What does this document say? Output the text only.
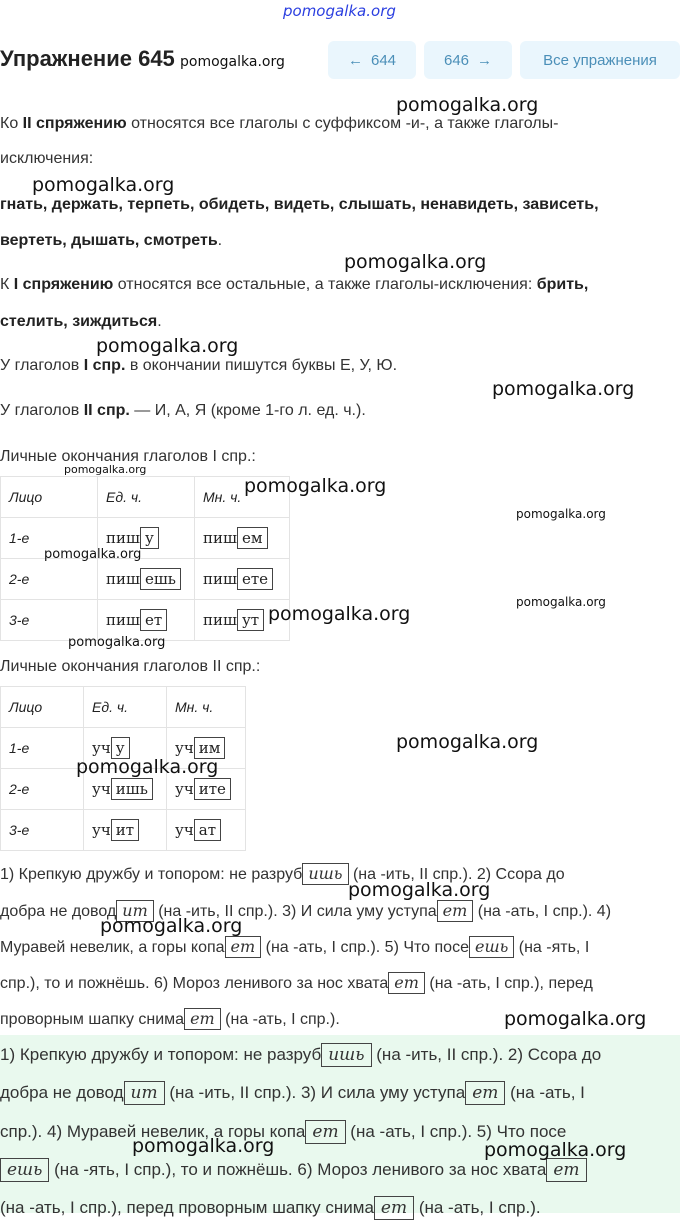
pomogalka.org
Упражнение 645 pomogalka.org	← 644	646 →	Все упражнения
Ко II спряжению относятся все глаголы с суффиксом -и-, а также глаголы-
исключения:
гнать, держать, терпеть, обидеть, видеть, слышать, ненавидеть, зависеть,
вертеть, дышать, смотреть.
К I спряжению относятся все остальные, а также глаголы-исключения: брить,
стелить, зиждиться.
У глаголов I спр. в окончании пишутся буквы Е, У, Ю.
У глаголов II спр. — И, А, Я (кроме 1-го л. ед. ч.).
Личные окончания глаголов I спр.:
Лицо	Ед. ч.	Мн. ч.
1-е	пиш у	пиш ем
2-е	пиш ешь	пиш ете
3-е	пиш ет	пиш ут
Личные окончания глаголов II спр.:
Лицо	Ед. ч.	Мн. ч.
1-е	уч у	уч им
2-е	уч ишь	уч ите
3-е	уч ит	уч ат
1) Крепкую дружбу и топором: не разруб ишь (на -ить, II спр.). 2) Ссора до
добра не довод ит (на -ить, II спр.). 3) И сила уму уступа ет (на -ать, I спр.). 4)
Муравей невелик, а горы копа ет (на -ать, I спр.). 5) Что посе ешь (на -ять, I
спр.), то и пожнёшь. 6) Мороз ленивого за нос хвата ет (на -ать, I спр.), перед
проворным шапку снима ет (на -ать, I спр.).
1) Крепкую дружбу и топором: не разруб ишь (на -ить, II спр.). 2) Ссора до
добра не довод ит (на -ить, II спр.). 3) И сила уму уступа ет (на -ать, I
спр.). 4) Муравей невелик, а горы копа ет (на -ать, I спр.). 5) Что посе
ешь (на -ять, I спр.), то и пожнёшь. 6) Мороз ленивого за нос хвата ет
(на -ать, I спр.), перед проворным шапку снима ет (на -ать, I спр.).
pomogalka.org
pomogalka.org
pomogalka.org
pomogalka.org
pomogalka.org
pomogalka.org
pomogalka.org
pomogalka.org
pomogalka.org
pomogalka.org
pomogalka.org
pomogalka.org
pomogalka.org
pomogalka.org
pomogalka.org
pomogalka.org
pomogalka.org
pomogalka.org	pomogalka.org
